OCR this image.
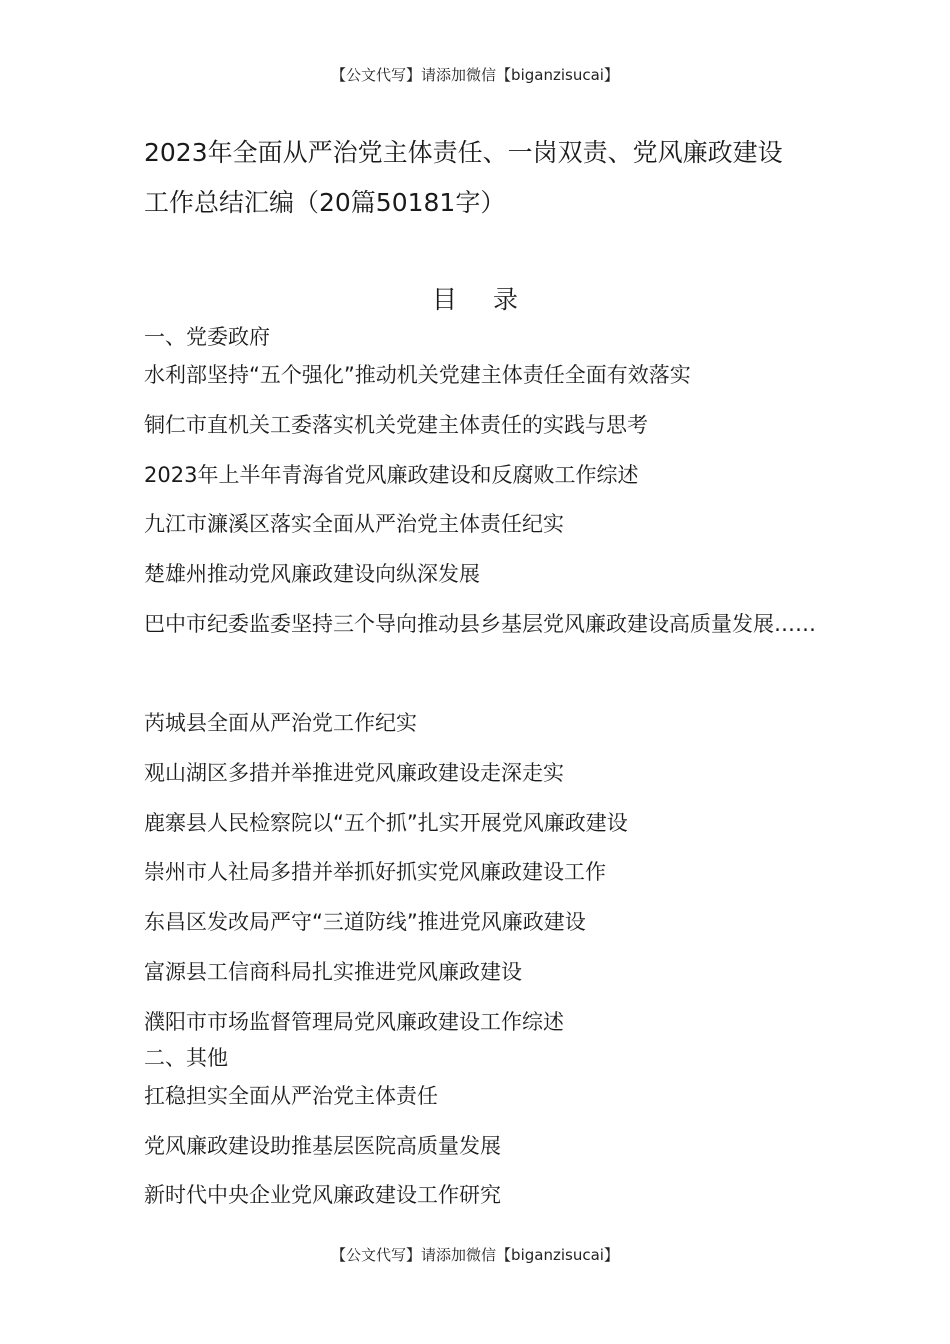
【公文代写】请添加微信【biganzisucai】
2023年全面从严治党主体责任、一岗双责、党风廉政建设
工作总结汇编（20篇50181字）
目 录
一、党委政府
水利部坚持“五个强化”推动机关党建主体责任全面有效落实
铜仁市直机关工委落实机关党建主体责任的实践与思考
2023年上半年青海省党风廉政建设和反腐败工作综述
九江市濂溪区落实全面从严治党主体责任纪实
楚雄州推动党风廉政建设向纵深发展
巴中市纪委监委坚持三个导向推动县乡基层党风廉政建设高质量发展……
芮城县全面从严治党工作纪实
观山湖区多措并举推进党风廉政建设走深走实
鹿寨县人民检察院以“五个抓”扎实开展党风廉政建设
崇州市人社局多措并举抓好抓实党风廉政建设工作
东昌区发改局严守“三道防线”推进党风廉政建设
富源县工信商科局扎实推进党风廉政建设
濮阳市市场监督管理局党风廉政建设工作综述
二、其他
扛稳担实全面从严治党主体责任
党风廉政建设助推基层医院高质量发展
新时代中央企业党风廉政建设工作研究
【公文代写】请添加微信【biganzisucai】
